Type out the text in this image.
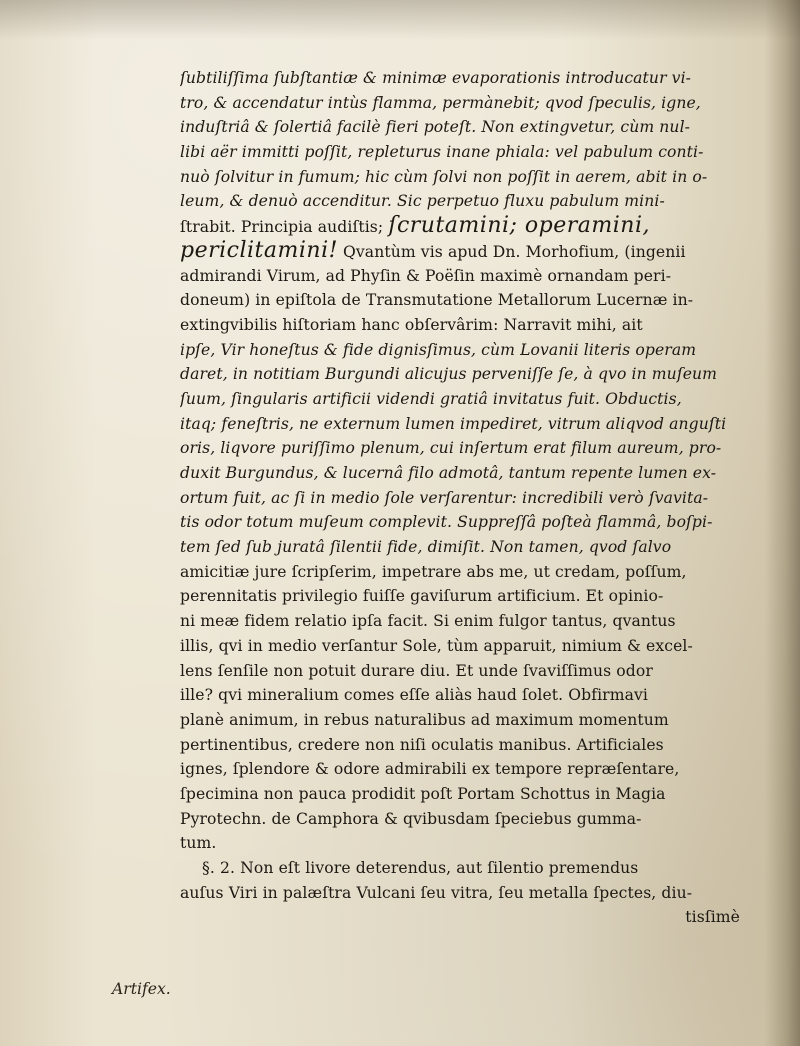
ſubtiliſſima ſubſtantiæ & minimæ evaporationis introducatur vi-
tro, & accendatur intùs flamma, permànebit; qvod ſpeculis, igne,
induſtriâ & ſolertiâ facilè fieri poteſt. Non extingvetur, cùm nul-
libi aër immitti poſſit, repleturus inane phiala: vel pabulum conti-
nuò ſolvitur in fumum; hic cùm ſolvi non poſſit in aerem, abit in o-
leum, & denuò accenditur. Sic perpetuo fluxu pabulum mini-
ſtrabit. Principia audiſtis; ſcrutamini; operamini,
periclitamini! Qvantùm vis apud Dn. Morhofium, (ingenii
admirandi Virum, ad Phyſin & Poëſin maximè ornandam peri-
doneum) in epiſtola de Transmutatione Metallorum Lucernæ in-
extingvibilis hiſtoriam hanc obſervârim: Narravit mihi, ait
ipſe, Vir honeſtus & fide dignisſimus, cùm Lovanii literis operam
daret, in notitiam Burgundi alicujus perveniſſe ſe, à qvo in muſeum
ſuum, ſingularis artificii videndi gratiâ invitatus fuit. Obductis,
itaq; feneſtris, ne externum lumen impediret, vitrum aliqvod anguſti
oris, liqvore puriſſimo plenum, cui inſertum erat filum aureum, pro-
duxit Burgundus, & lucernâ filo admotâ, tantum repente lumen ex-
ortum fuit, ac ſi in medio ſole verſarentur: incredibili verò ſvavita-
tis odor totum muſeum complevit. Suppreſſâ poſteà flammâ, boſpi-
tem ſed ſub juratâ ſilentii fide, dimiſit. Non tamen, qvod ſalvo
amicitiæ jure ſcripſerim, impetrare abs me, ut credam, poſſum,
perennitatis privilegio fuiſſe gaviſurum artificium. Et opinio-
ni meæ fidem relatio ipſa facit. Si enim fulgor tantus, qvantus
illis, qvi in medio verſantur Sole, tùm apparuit, nimium & excel-
lens ſenſile non potuit durare diu. Et unde ſvaviſſimus odor
ille? qvi mineralium comes eſſe aliàs haud ſolet. Obfirmavi
planè animum, in rebus naturalibus ad maximum momentum
pertinentibus, credere non niſi oculatis manibus. Artificiales
ignes, ſplendore & odore admirabili ex tempore repræſentare,
ſpecimina non pauca prodidit poſt Portam Schottus in Magia
Pyrotechn. de Camphora & qvibusdam ſpeciebus gumma-
tum.
§. 2. Non eſt livore deterendus, aut ſilentio premendus
auſus Viri in palæſtra Vulcani ſeu vitra, ſeu metalla ſpectes, diu-
tisſimè
Artifex.
